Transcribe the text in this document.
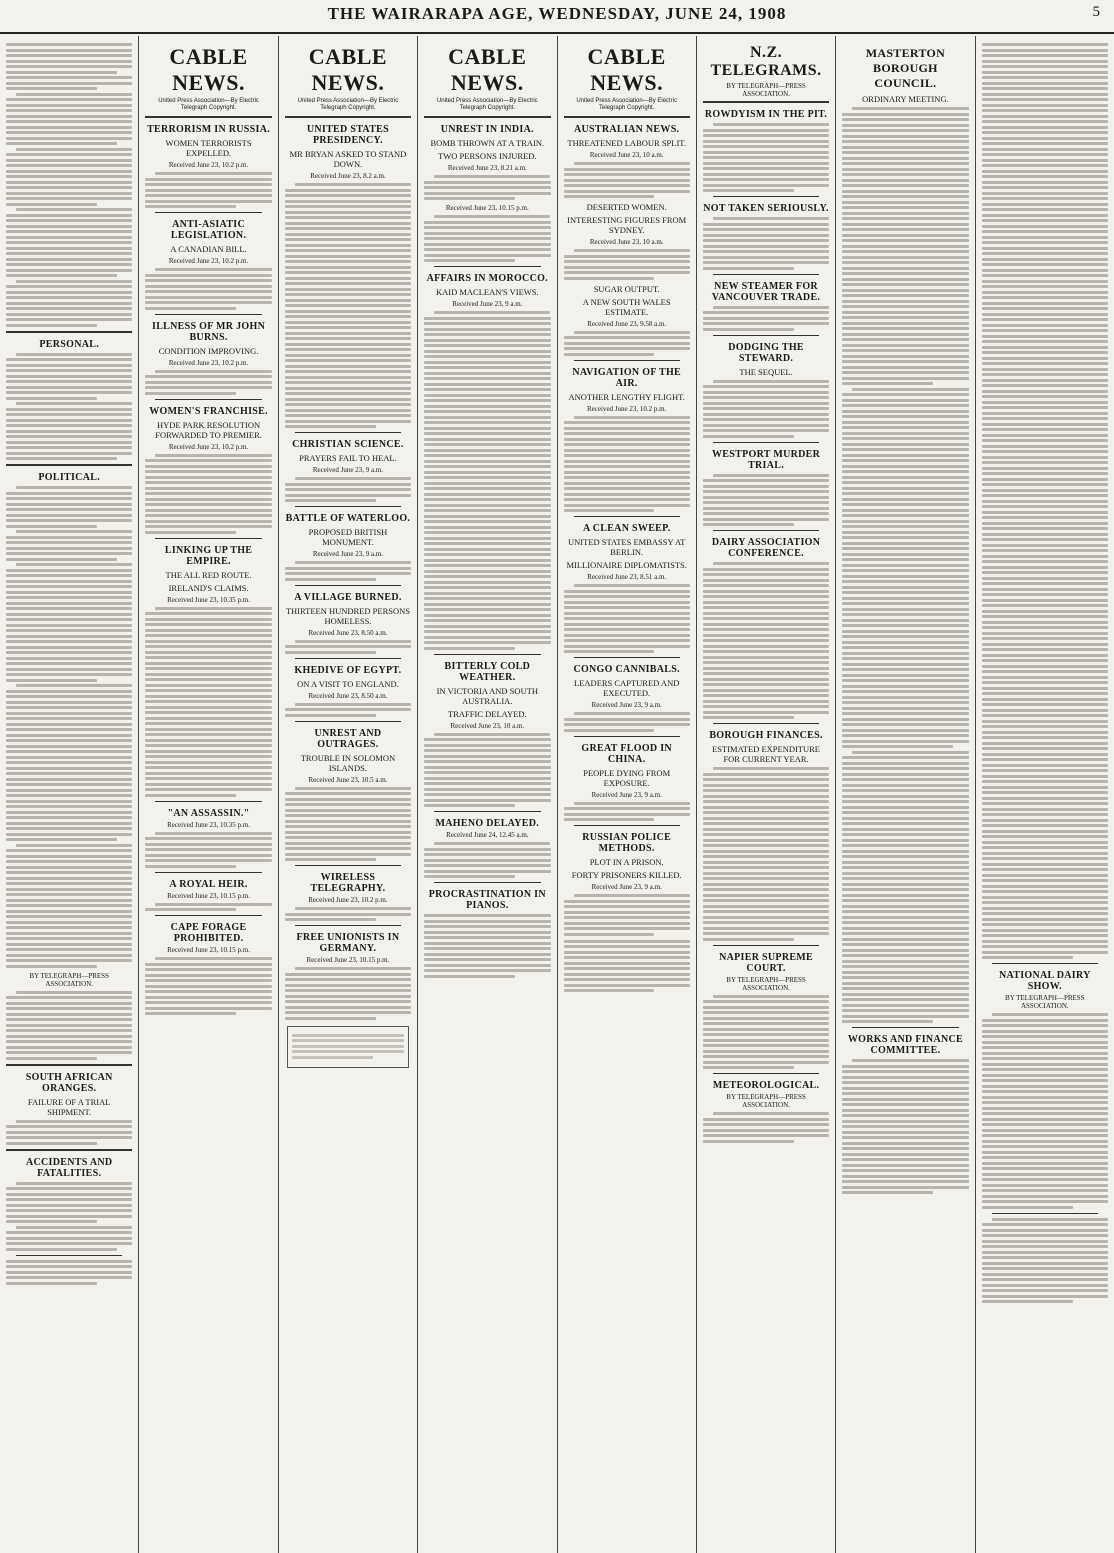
THE WAIRARAPA AGE, WEDNESDAY, JUNE 24, 1908	5
PERSONAL.
POLITICAL.
BY TELEGRAPH—PRESS ASSOCIATION.
SOUTH AFRICAN ORANGES.
FAILURE OF A TRIAL SHIPMENT.
ACCIDENTS AND FATALITIES.
CABLE NEWS.
United Press Association—By Electric Telegraph Copyright.
TERRORISM IN RUSSIA.
WOMEN TERRORISTS EXPELLED.
Received June 23, 10.2 p.m.
ANTI-ASIATIC LEGISLATION.
A CANADIAN BILL.
Received June 23, 10.2 p.m.
ILLNESS OF MR JOHN BURNS.
CONDITION IMPROVING.
Received June 23, 10.2 p.m.
WOMEN'S FRANCHISE.
HYDE PARK RESOLUTION FORWARDED TO PREMIER.
Received June 23, 10.2 p.m.
LINKING UP THE EMPIRE.
THE ALL RED ROUTE.
IRELAND'S CLAIMS.
Received June 23, 10.35 p.m.
"AN ASSASSIN."
Received June 23, 10.35 p.m.
A ROYAL HEIR.
Received June 23, 10.15 p.m.
CAPE FORAGE PROHIBITED.
Received June 23, 10.15 p.m.
CABLE NEWS.
United Press Association—By Electric Telegraph Copyright.
UNITED STATES PRESIDENCY.
MR BRYAN ASKED TO STAND DOWN.
Received June 23, 8.2 a.m.
CHRISTIAN SCIENCE.
PRAYERS FAIL TO HEAL.
Received June 23, 9 a.m.
BATTLE OF WATERLOO.
PROPOSED BRITISH MONUMENT.
Received June 23, 9 a.m.
A VILLAGE BURNED.
THIRTEEN HUNDRED PERSONS HOMELESS.
Received June 23, 8.50 a.m.
KHEDIVE OF EGYPT.
ON A VISIT TO ENGLAND.
Received June 23, 8.50 a.m.
UNREST AND OUTRAGES.
TROUBLE IN SOLOMON ISLANDS.
Received June 23, 10.5 a.m.
WIRELESS TELEGRAPHY.
Received June 23, 10.2 p.m.
FREE UNIONISTS IN GERMANY.
Received June 23, 10.15 p.m.
CABLE NEWS.
United Press Association—By Electric Telegraph Copyright.
UNREST IN INDIA.
BOMB THROWN AT A TRAIN.
TWO PERSONS INJURED.
Received June 23, 8.21 a.m.
Received June 23, 10.15 p.m.
AFFAIRS IN MOROCCO.
KAID MACLEAN'S VIEWS.
Received June 23, 9 a.m.
BITTERLY COLD WEATHER.
IN VICTORIA AND SOUTH AUSTRALIA.
TRAFFIC DELAYED.
Received June 23, 10 a.m.
MAHENO DELAYED.
Received June 24, 12.45 a.m.
PROCRASTINATION IN PIANOS.
CABLE NEWS.
United Press Association—By Electric Telegraph Copyright.
AUSTRALIAN NEWS.
THREATENED LABOUR SPLIT.
Received June 23, 10 a.m.
DESERTED WOMEN.
INTERESTING FIGURES FROM SYDNEY.
Received June 23, 10 a.m.
SUGAR OUTPUT.
A NEW SOUTH WALES ESTIMATE.
Received June 23, 9.58 a.m.
NAVIGATION OF THE AIR.
ANOTHER LENGTHY FLIGHT.
Received June 23, 10.2 p.m.
A CLEAN SWEEP.
UNITED STATES EMBASSY AT BERLIN.
MILLIONAIRE DIPLOMATISTS.
Received June 23, 8.51 a.m.
CONGO CANNIBALS.
LEADERS CAPTURED AND EXECUTED.
Received June 23, 9 a.m.
GREAT FLOOD IN CHINA.
PEOPLE DYING FROM EXPOSURE.
Received June 23, 9 a.m.
RUSSIAN POLICE METHODS.
PLOT IN A PRISON.
FORTY PRISONERS KILLED.
Received June 23, 9 a.m.
N.Z. TELEGRAMS.
BY TELEGRAPH—PRESS ASSOCIATION.
ROWDYISM IN THE PIT.
NOT TAKEN SERIOUSLY.
NEW STEAMER FOR VANCOUVER TRADE.
DODGING THE STEWARD.
THE SEQUEL.
WESTPORT MURDER TRIAL.
DAIRY ASSOCIATION CONFERENCE.
BOROUGH FINANCES.
ESTIMATED EXPENDITURE FOR CURRENT YEAR.
NAPIER SUPREME COURT.
BY TELEGRAPH—PRESS ASSOCIATION.
METEOROLOGICAL.
BY TELEGRAPH—PRESS ASSOCIATION.
MASTERTON BOROUGH COUNCIL.
ORDINARY MEETING.
WORKS AND FINANCE COMMITTEE.
NATIONAL DAIRY SHOW.
BY TELEGRAPH—PRESS ASSOCIATION.
